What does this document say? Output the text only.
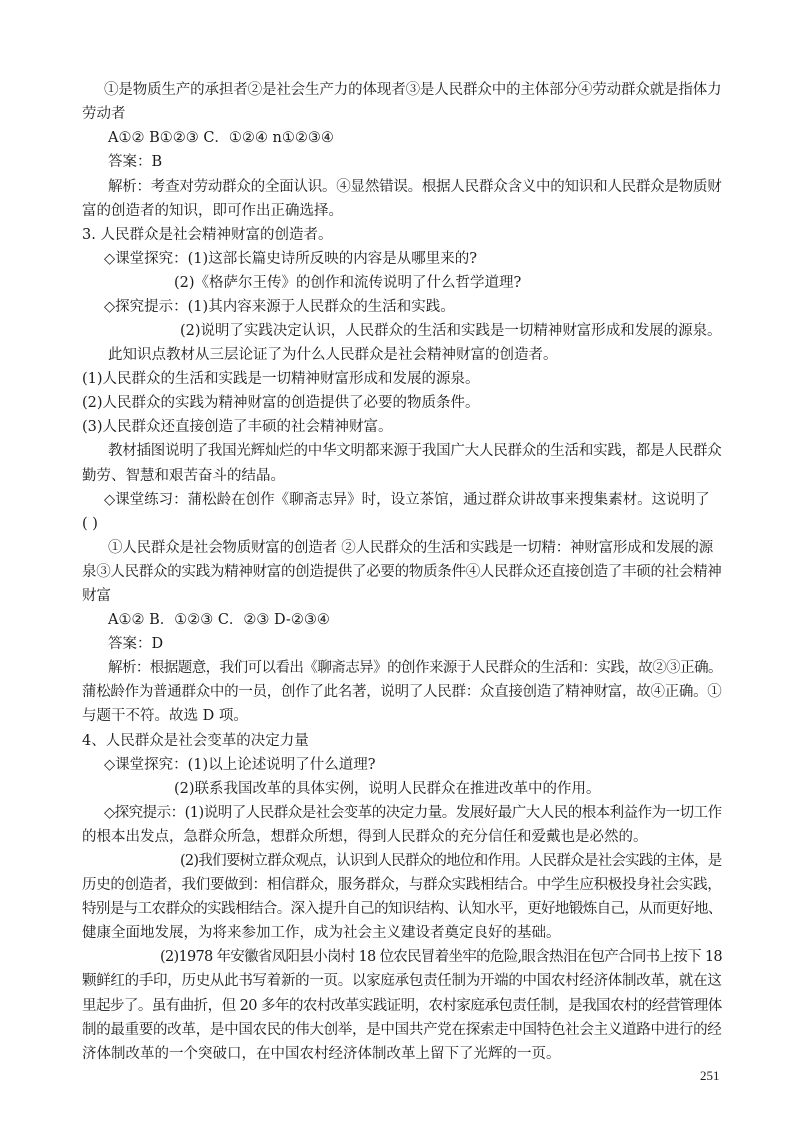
①是物质生产的承担者②是社会生产力的体现者③是人民群众中的主体部分④劳动群众就是指体力
劳动者
A①② B①②③ C．①②④ n①②③④
答案：B
解析：考查对劳动群众的全面认识。④显然错误。根据人民群众含义中的知识和人民群众是物质财
富的创造者的知识，即可作出正确选择。
3. 人民群众是社会精神财富的创造者。
◇课堂探究：(1)这部长篇史诗所反映的内容是从哪里来的?
(2)《格萨尔王传》的创作和流传说明了什么哲学道理?
◇探究提示：(1)其内容来源于人民群众的生活和实践。
(2)说明了实践决定认识，人民群众的生活和实践是一切精神财富形成和发展的源泉。
此知识点教材从三层论证了为什么人民群众是社会精神财富的创造者。
(1)人民群众的生活和实践是一切精神财富形成和发展的源泉。
(2)人民群众的实践为精神财富的创造提供了必要的物质条件。
(3)人民群众还直接创造了丰硕的社会精神财富。
教材插图说明了我国光辉灿烂的中华文明都来源于我国广大人民群众的生活和实践，都是人民群众
勤劳、智慧和艰苦奋斗的结晶。
◇课堂练习：蒲松龄在创作《聊斋志异》时，设立茶馆，通过群众讲故事来搜集素材。这说明了
( )
①人民群众是社会物质财富的创造者 ②人民群众的生活和实践是一切精：神财富形成和发展的源
泉③人民群众的实践为精神财富的创造提供了必要的物质条件④人民群众还直接创造了丰硕的社会精神
财富
A①② B．①②③ C．②③ D-②③④
答案：D
解析：根据题意，我们可以看出《聊斋志异》的创作来源于人民群众的生活和：实践，故②③正确。
蒲松龄作为普通群众中的一员，创作了此名著，说明了人民群：众直接创造了精神财富，故④正确。①
与题干不符。故选 D 项。
4、人民群众是社会变革的决定力量
◇课堂探究：(1)以上论述说明了什么道理?
(2)联系我国改革的具体实例，说明人民群众在推进改革中的作用。
◇探究提示：(1)说明了人民群众是社会变革的决定力量。发展好最广大人民的根本利益作为一切工作
的根本出发点，急群众所急，想群众所想，得到人民群众的充分信任和爱戴也是必然的。
(2)我们要树立群众观点，认识到人民群众的地位和作用。人民群众是社会实践的主体，是
历史的创造者，我们要做到：相信群众，服务群众，与群众实践相结合。中学生应积极投身社会实践，
特别是与工农群众的实践相结合。深入提升自己的知识结构、认知水平，更好地锻炼自己，从而更好地、
健康全面地发展，为将来参加工作，成为社会主义建设者奠定良好的基础。
(2)1978 年安徽省凤阳县小岗村 18 位农民冒着坐牢的危险,眼含热泪在包产合同书上按下 18
颗鲜红的手印，历史从此书写着新的一页。以家庭承包责任制为开端的中国农村经济体制改革，就在这
里起步了。虽有曲折，但 20 多年的农村改革实践证明，农村家庭承包责任制，是我国农村的经营管理体
制的最重要的改革，是中国农民的伟大创举，是中国共产党在探索走中国特色社会主义道路中进行的经
济体制改革的一个突破口，在中国农村经济体制改革上留下了光辉的一页。
251
